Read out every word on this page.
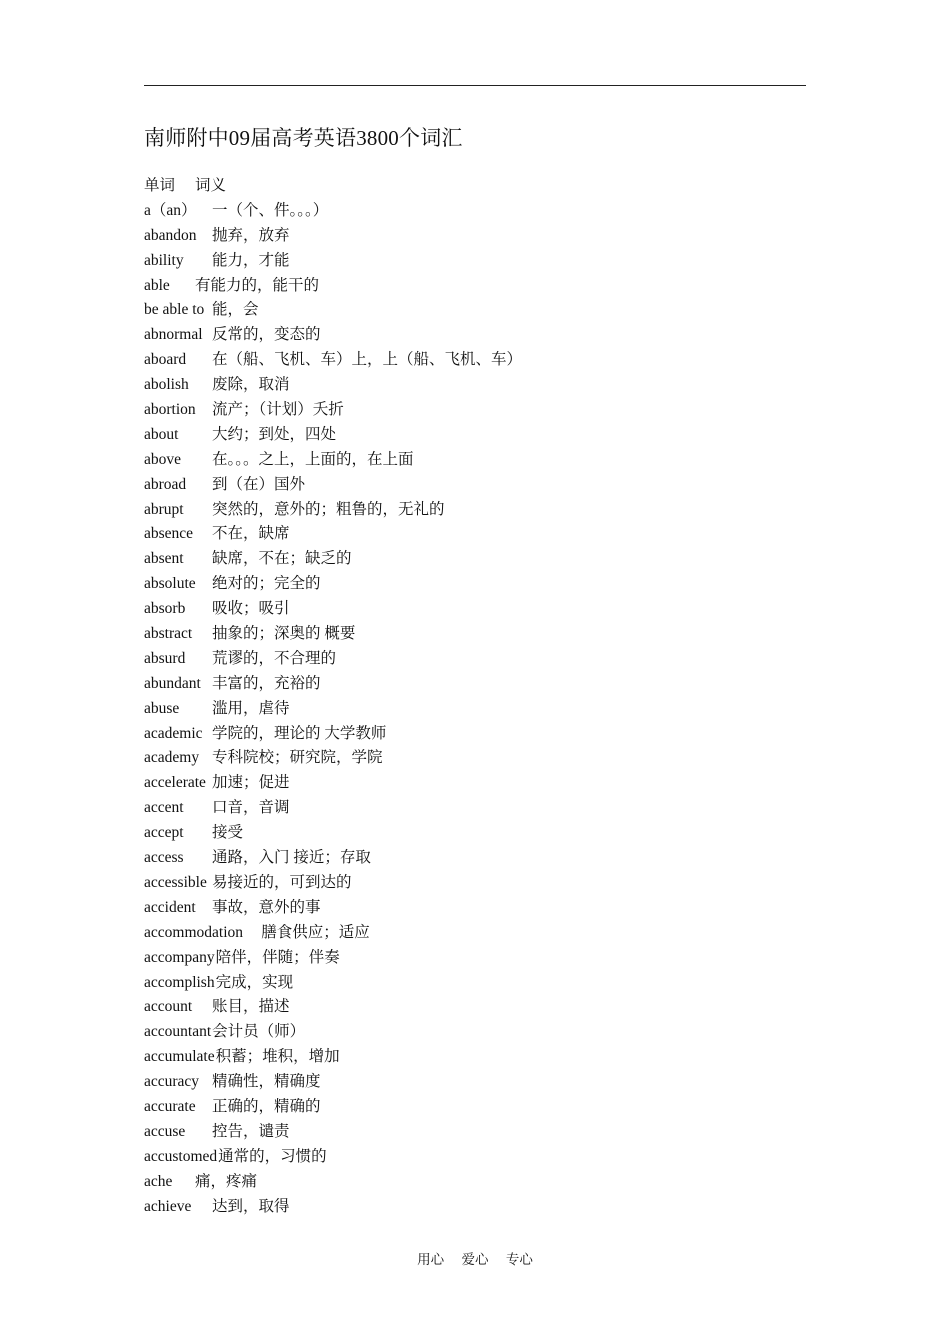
南师附中09届高考英语3800个词汇
单词 词义
a（an） 一（个、件。。。）
abandon 抛弃，放弃
ability 能力，才能
able 有能力的，能干的
be able to 能，会
abnormal 反常的，变态的
aboard 在（船、飞机、车）上，上（船、飞机、车）
abolish 废除，取消
abortion 流产；（计划）夭折
about 大约；到处，四处
above 在。。。之上，上面的，在上面
abroad 到（在）国外
abrupt 突然的，意外的；粗鲁的，无礼的
absence 不在，缺席
absent 缺席，不在；缺乏的
absolute 绝对的；完全的
absorb 吸收；吸引
abstract 抽象的；深奥的 概要
absurd 荒谬的，不合理的
abundant 丰富的，充裕的
abuse 滥用，虐待
academic 学院的，理论的 大学教师
academy 专科院校；研究院，学院
accelerate 加速；促进
accent 口音，音调
accept 接受
access 通路，入门 接近；存取
accessible 易接近的，可到达的
accident 事故，意外的事
accommodation 膳食供应；适应
accompany 陪伴，伴随；伴奏
accomplish 完成，实现
account 账目，描述
accountant 会计员（师）
accumulate 积蓄；堆积，增加
accuracy 精确性，精确度
accurate 正确的，精确的
accuse 控告，谴责
accustomed 通常的，习惯的
ache 痛，疼痛
achieve 达到，取得
用心 爱心 专心
